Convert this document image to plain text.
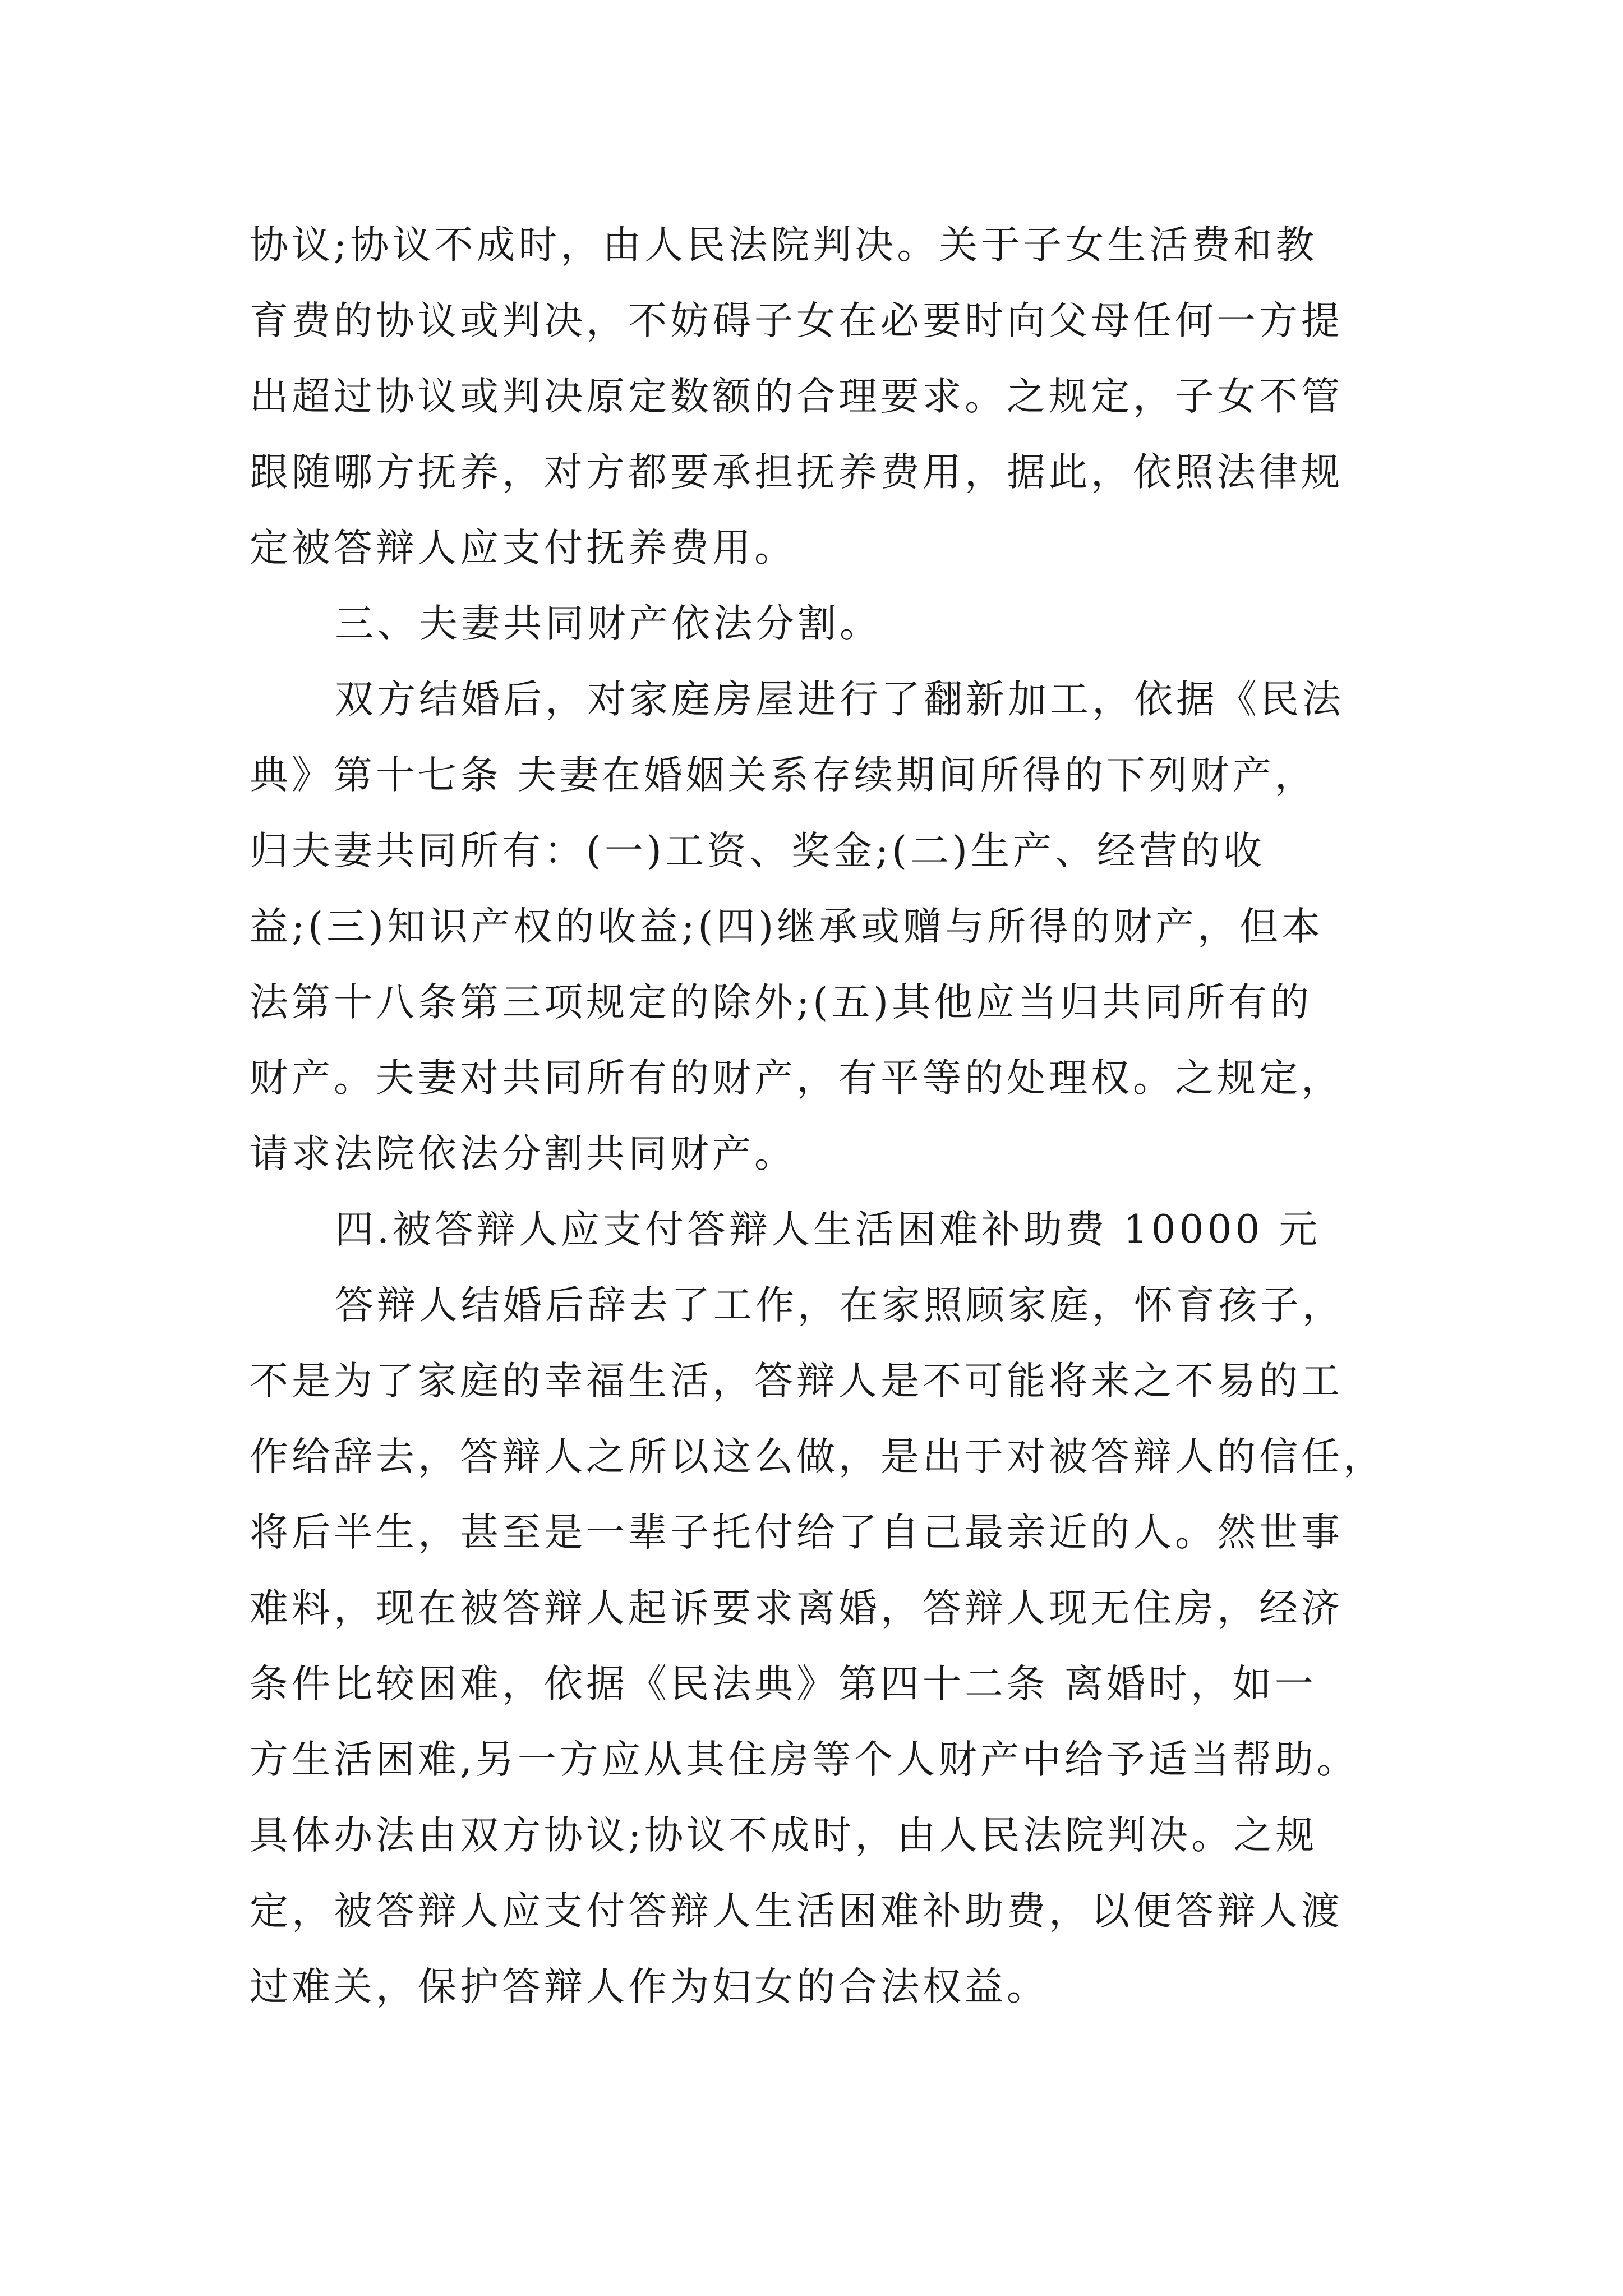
协议;协议不成时，由人民法院判决。关于子女生活费和教
育费的协议或判决，不妨碍子女在必要时向父母任何一方提
出超过协议或判决原定数额的合理要求。之规定，子女不管
跟随哪方抚养，对方都要承担抚养费用，据此，依照法律规
定被答辩人应支付抚养费用。
三、夫妻共同财产依法分割。
双方结婚后，对家庭房屋进行了翻新加工，依据《民法
典》第十七条 夫妻在婚姻关系存续期间所得的下列财产，
归夫妻共同所有：(一)工资、奖金;(二)生产、经营的收
益;(三)知识产权的收益;(四)继承或赠与所得的财产，但本
法第十八条第三项规定的除外;(五)其他应当归共同所有的
财产。夫妻对共同所有的财产，有平等的处理权。之规定，
请求法院依法分割共同财产。
四.被答辩人应支付答辩人生活困难补助费 10000 元
答辩人结婚后辞去了工作，在家照顾家庭，怀育孩子，
不是为了家庭的幸福生活，答辩人是不可能将来之不易的工
作给辞去，答辩人之所以这么做，是出于对被答辩人的信任，
将后半生，甚至是一辈子托付给了自己最亲近的人。然世事
难料，现在被答辩人起诉要求离婚，答辩人现无住房，经济
条件比较困难，依据《民法典》第四十二条 离婚时，如一
方生活困难,另一方应从其住房等个人财产中给予适当帮助。
具体办法由双方协议;协议不成时，由人民法院判决。之规
定，被答辩人应支付答辩人生活困难补助费，以便答辩人渡
过难关，保护答辩人作为妇女的合法权益。
